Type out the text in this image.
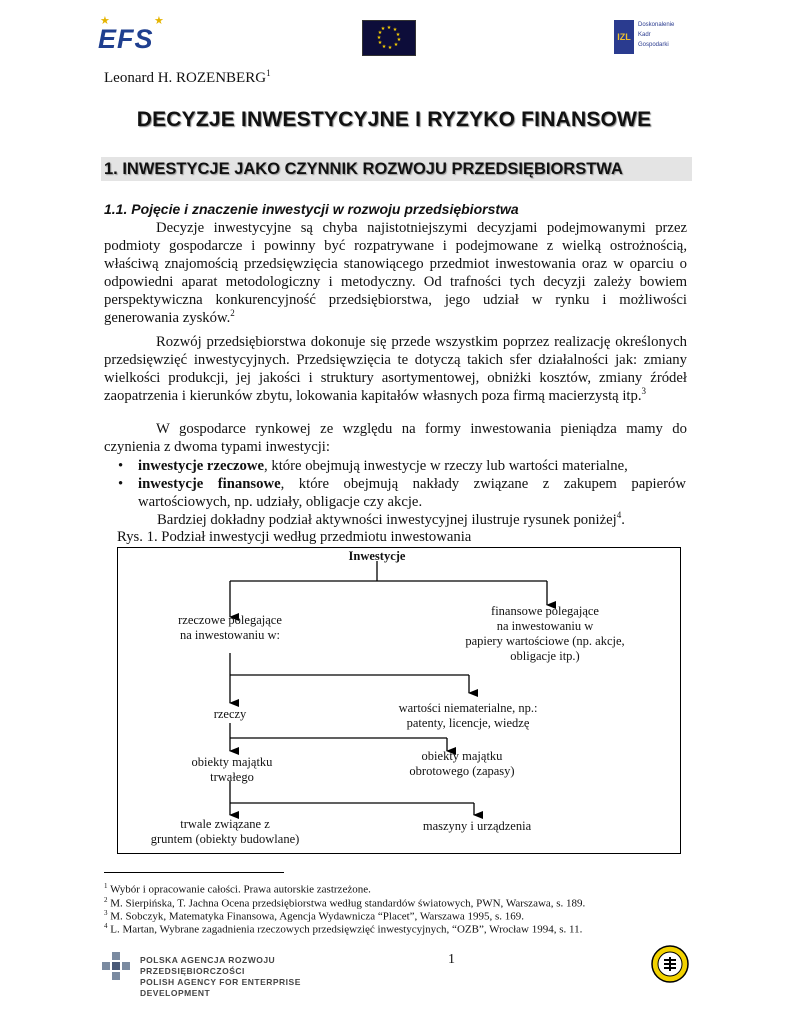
★	★
EFS	★ ★
★
★
★
★
★
★
★
★
★
IZL
Doskonalenie
Kadr
Gospodarki
Leonard H. ROZENBERG$^1$
DECYZJE INWESTYCYJNE I RYZYKO FINANSOWE
1. INWESTYCJE JAKO CZYNNIK ROZWOJU PRZEDSIĘBIORSTWA
1.1. Pojęcie i znaczenie inwestycji w rozwoju przedsiębiorstwa
Decyzje inwestycyjne są chyba najistotniejszymi decyzjami podejmowanymi przez podmioty gospodarcze i powinny być rozpatrywane i podejmowane z wielką ostrożnością, właściwą znajomością przedsięwzięcia stanowiącego przedmiot inwestowania oraz w oparciu o odpowiedni aparat metodologiczny i metodyczny. Od trafności tych decyzji zależy bowiem perspektywiczna konkurencyjność przedsiębiorstwa, jego udział w rynku i możliwości generowania zysków.$^2$
Rozwój przedsiębiorstwa dokonuje się przede wszystkim poprzez realizację określonych przedsięwzięć inwestycyjnych. Przedsięwzięcia te dotyczą takich sfer działalności jak: zmiany wielkości produkcji, jej jakości i struktury asortymentowej, obniżki kosztów, zmiany źródeł zaopatrzenia i kierunków zbytu, lokowania kapitałów własnych poza firmą macierzystą itp.$^3$
W gospodarce rynkowej ze względu na formy inwestowania pieniądza mamy do czynienia z dwoma typami inwestycji:
• inwestycje rzeczowe, które obejmują inwestycje w rzeczy lub wartości materialne,
• inwestycje finansowe, które obejmują nakłady związane z zakupem papierów wartościowych, np. udziały, obligacje czy akcje.
Bardziej dokładny podział aktywności inwestycyjnej ilustruje rysunek poniżej$^4$.
Rys. 1. Podział inwestycji według przedmiotu inwestowania
Inwestycje
rzeczowe polegające
na inwestowaniu w:
finansowe polegające
na inwestowaniu w
papiery wartościowe (np. akcje,
obligacje itp.)
rzeczy	wartości niematerialne, np.:
patenty, licencje, wiedzę
obiekty majątku
trwałego
obiekty majątku
obrotowego (zapasy)
trwale związane z
gruntem (obiekty budowlane)
maszyny i urządzenia
$^1$ Wybór i opracowanie całości. Prawa autorskie zastrzeżone.
$^2$ M. Sierpińska, T. Jachna Ocena przedsiębiorstwa według standardów światowych, PWN, Warszawa, s. 189.
$^3$ M. Sobczyk, Matematyka Finansowa, Agencja Wydawnicza “Placet”, Warszawa 1995, s. 169.
$^4$ L. Martan, Wybrane zagadnienia rzeczowych przedsięwzięć inwestycyjnych, “OZB”, Wrocław 1994, s. 11.
1
POLSKA AGENCJA ROZWOJU PRZEDSIĘBIORCZOŚCI
POLISH AGENCY FOR ENTERPRISE DEVELOPMENT
